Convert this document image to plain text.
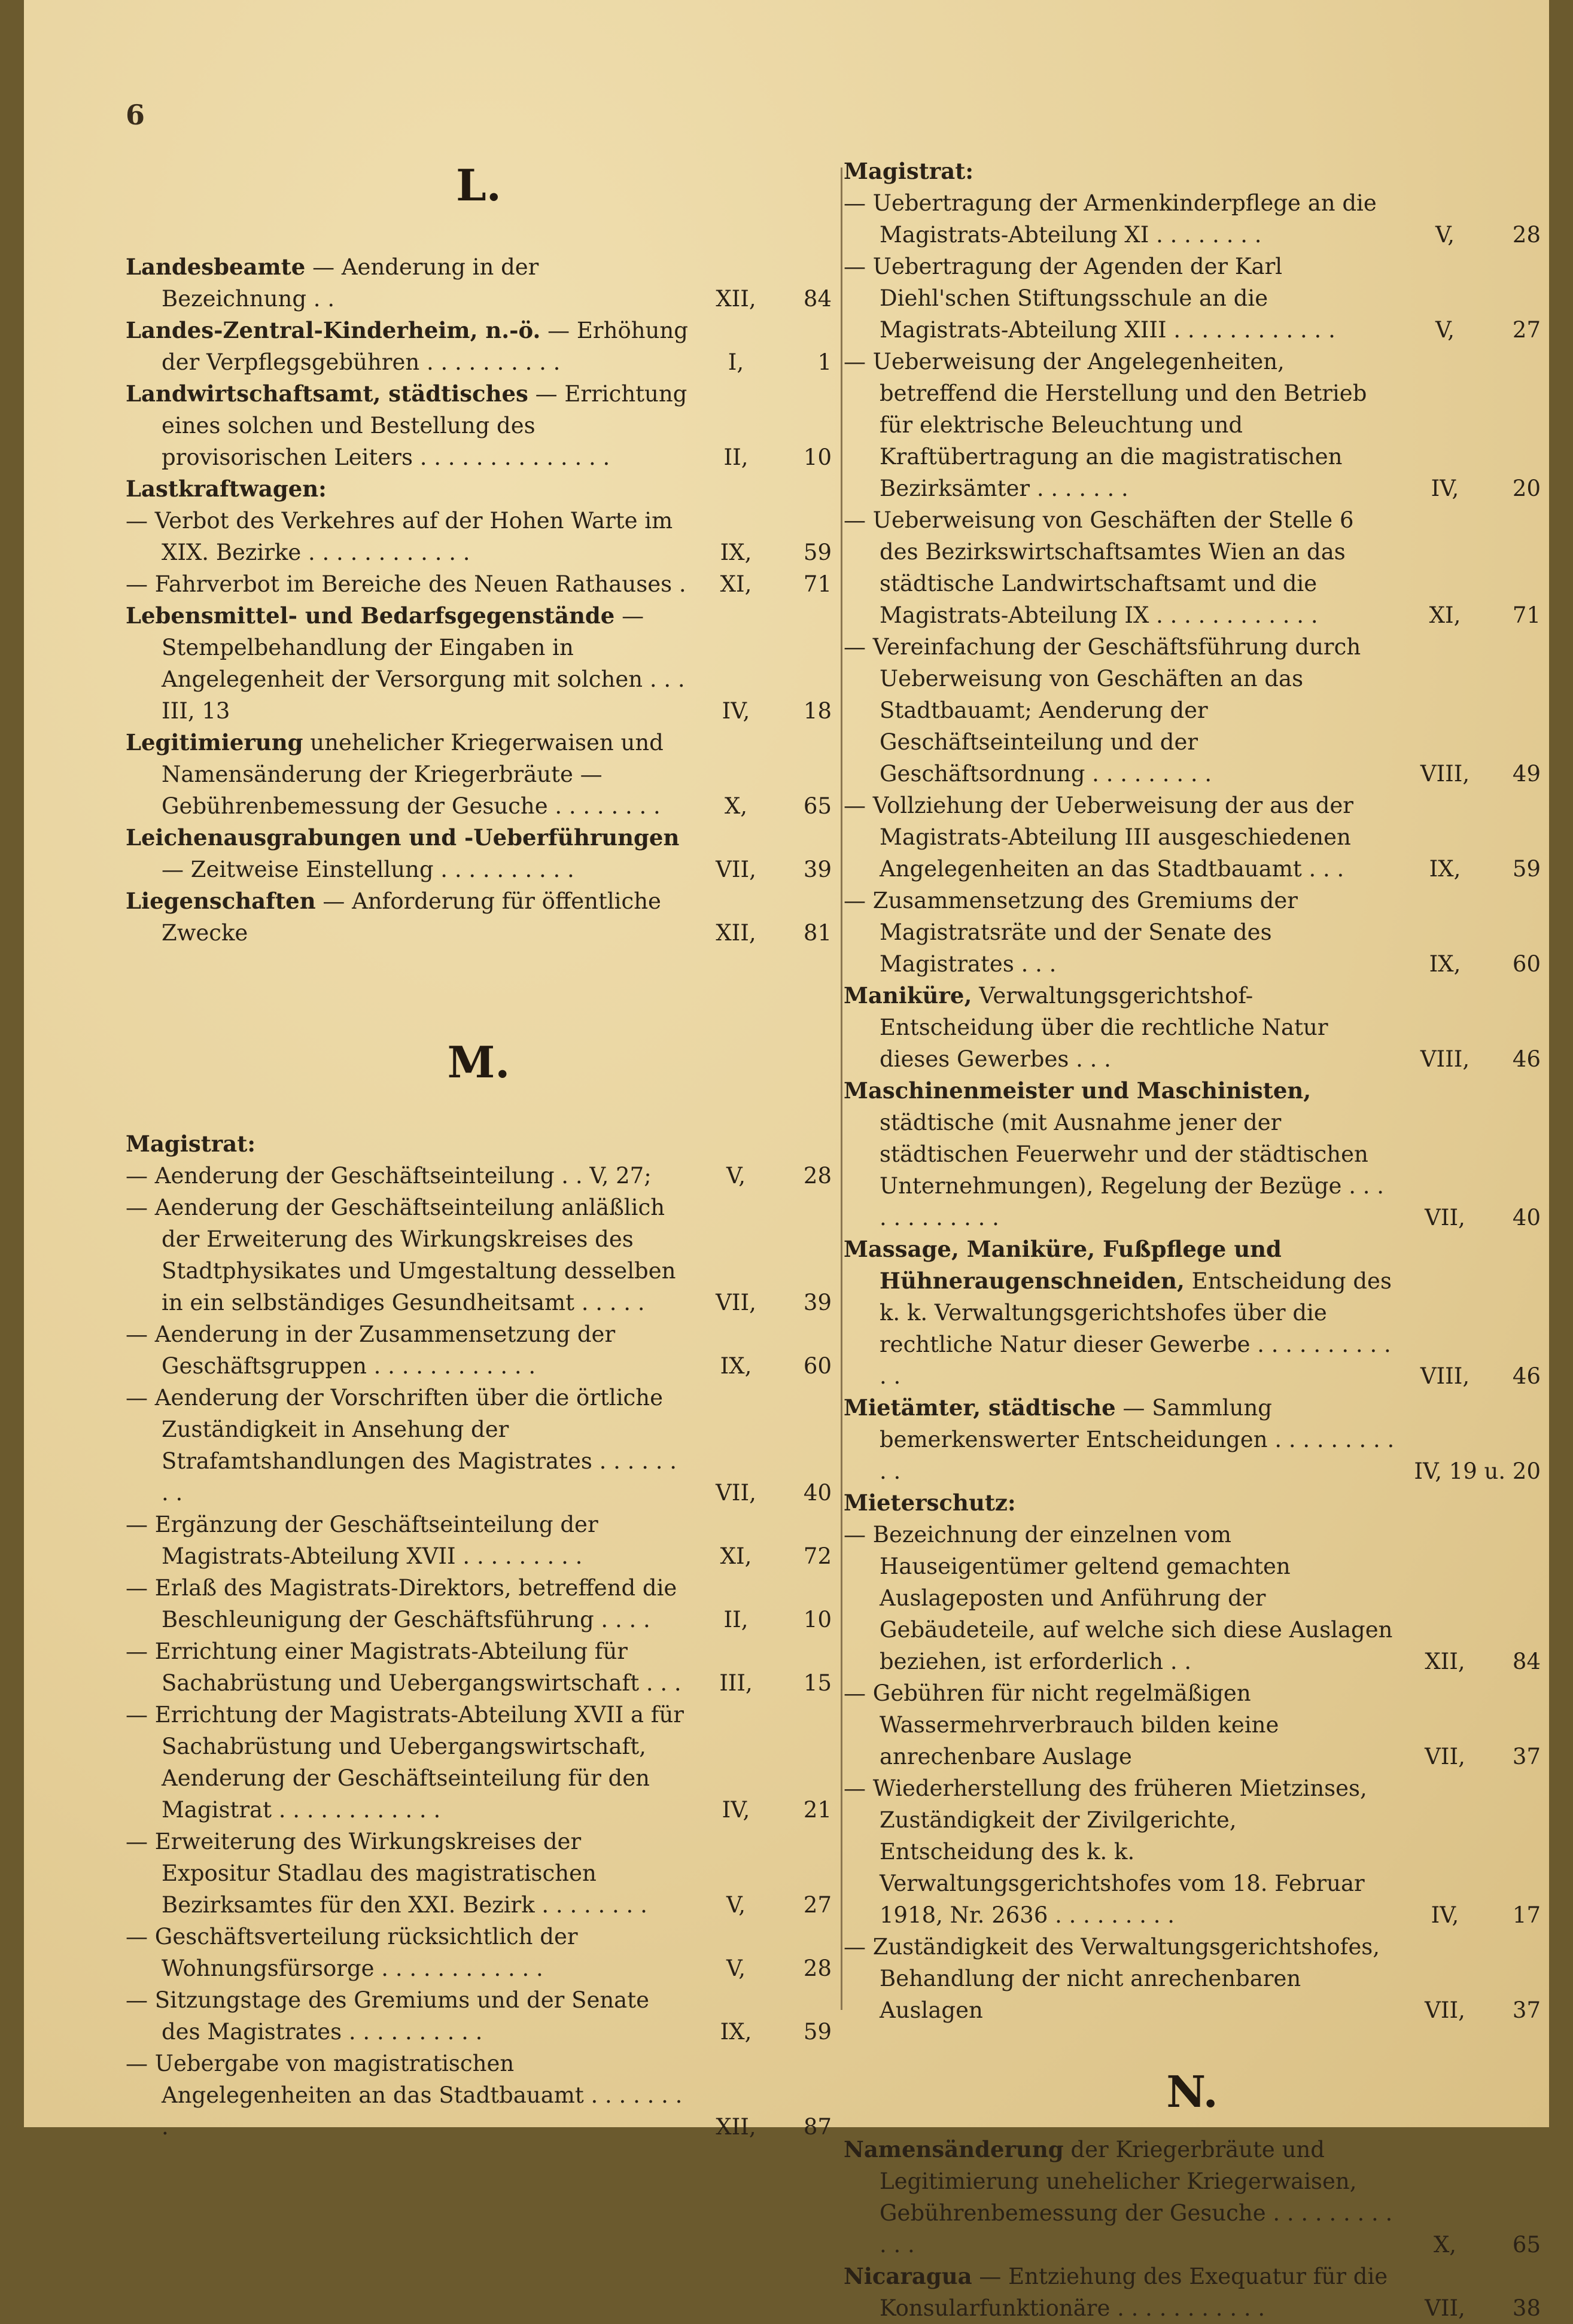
6
L.
Landesbeamte — Aenderung in der Bezeichnung . .	XII,	84
Landes-Zentral-Kinderheim, n.-ö. — Erhöhung der Verpflegsgebühren . . . . . . . . . .	I,	1
Landwirtschaftsamt, städtisches — Errichtung eines solchen und Bestellung des provisorischen Leiters . . . . . . . . . . . . . .	II,	10
Lastkraftwagen:
— Verbot des Verkehres auf der Hohen Warte im XIX. Bezirke . . . . . . . . . . . .	IX,	59
— Fahrverbot im Bereiche des Neuen Rathauses .	XI,	71
Lebensmittel- und Bedarfsgegenstände — Stempelbehandlung der Eingaben in Angelegenheit der Versorgung mit solchen . . . III, 13	IV,	18
Legitimierung unehelicher Kriegerwaisen und Namensänderung der Kriegerbräute — Gebührenbemessung der Gesuche . . . . . . . .	X,	65
Leichenausgrabungen und -Ueberführungen — Zeitweise Einstellung . . . . . . . . . .	VII,	39
Liegenschaften — Anforderung für öffentliche Zwecke	XII,	81
M.
Magistrat:
— Aenderung der Geschäftseinteilung . . V, 27;	V,	28
— Aenderung der Geschäftseinteilung anläßlich der Erweiterung des Wirkungskreises des Stadtphysikates und Umgestaltung desselben in ein selbständiges Gesundheitsamt . . . . .	VII,	39
— Aenderung in der Zusammensetzung der Geschäftsgruppen . . . . . . . . . . . .	IX,	60
— Aenderung der Vorschriften über die örtliche Zuständigkeit in Ansehung der Strafamtshandlungen des Magistrates . . . . . . . .	VII,	40
— Ergänzung der Geschäftseinteilung der Magistrats-Abteilung XVII . . . . . . . . .	XI,	72
— Erlaß des Magistrats-Direktors, betreffend die Beschleunigung der Geschäftsführung . . . .	II,	10
— Errichtung einer Magistrats-Abteilung für Sachabrüstung und Uebergangswirtschaft . . .	III,	15
— Errichtung der Magistrats-Abteilung XVII a für Sachabrüstung und Uebergangswirtschaft, Aenderung der Geschäftseinteilung für den Magistrat . . . . . . . . . . . .	IV,	21
— Erweiterung des Wirkungskreises der Expositur Stadlau des magistratischen Bezirksamtes für den XXI. Bezirk . . . . . . . .	V,	27
— Geschäftsverteilung rücksichtlich der Wohnungsfürsorge . . . . . . . . . . . .	V,	28
— Sitzungstage des Gremiums und der Senate des Magistrates . . . . . . . . . .	IX,	59
— Uebergabe von magistratischen Angelegenheiten an das Stadtbauamt . . . . . . . .	XII,	87
Magistrat:
— Uebertragung der Armenkinderpflege an die Magistrats-Abteilung XI . . . . . . . .	V,	28
— Uebertragung der Agenden der Karl Diehl'schen Stiftungsschule an die Magistrats-Abteilung XIII . . . . . . . . . . . .	V,	27
— Ueberweisung der Angelegenheiten, betreffend die Herstellung und den Betrieb für elektrische Beleuchtung und Kraftübertragung an die magistratischen Bezirksämter . . . . . . .	IV,	20
— Ueberweisung von Geschäften der Stelle 6 des Bezirkswirtschaftsamtes Wien an das städtische Landwirtschaftsamt und die Magistrats-Abteilung IX . . . . . . . . . . . .	XI,	71
— Vereinfachung der Geschäftsführung durch Ueberweisung von Geschäften an das Stadtbauamt; Aenderung der Geschäftseinteilung und der Geschäftsordnung . . . . . . . . .	VIII,	49
— Vollziehung der Ueberweisung der aus der Magistrats-Abteilung III ausgeschiedenen Angelegenheiten an das Stadtbauamt . . .	IX,	59
— Zusammensetzung des Gremiums der Magistratsräte und der Senate des Magistrates . . .	IX,	60
Maniküre, Verwaltungsgerichtshof-Entscheidung über die rechtliche Natur dieses Gewerbes . . .	VIII,	46
Maschinenmeister und Maschinisten, städtische (mit Ausnahme jener der städtischen Feuerwehr und der städtischen Unternehmungen), Regelung der Bezüge . . . . . . . . . . . .	VII,	40
Massage, Maniküre, Fußpflege und Hühneraugenschneiden, Entscheidung des k. k. Verwaltungsgerichtshofes über die rechtliche Natur dieser Gewerbe . . . . . . . . . . . .	VIII,	46
Mietämter, städtische — Sammlung bemerkenswerter Entscheidungen . . . . . . . . . . .	IV, 19 u. 20
Mieterschutz:
— Bezeichnung der einzelnen vom Hauseigentümer geltend gemachten Auslageposten und Anführung der Gebäudeteile, auf welche sich diese Auslagen beziehen, ist erforderlich . .	XII,	84
— Gebühren für nicht regelmäßigen Wassermehrverbrauch bilden keine anrechenbare Auslage	VII,	37
— Wiederherstellung des früheren Mietzinses, Zuständigkeit der Zivilgerichte, Entscheidung des k. k. Verwaltungsgerichtshofes vom 18. Februar 1918, Nr. 2636 . . . . . . . . .	IV,	17
— Zuständigkeit des Verwaltungsgerichtshofes, Behandlung der nicht anrechenbaren Auslagen	VII,	37
N.
Namensänderung der Kriegerbräute und Legitimierung unehelicher Kriegerwaisen, Gebührenbemessung der Gesuche . . . . . . . . . . . .	X,	65
Nicaragua — Entziehung des Exequatur für die Konsularfunktionäre . . . . . . . . . . .	VII,	38
